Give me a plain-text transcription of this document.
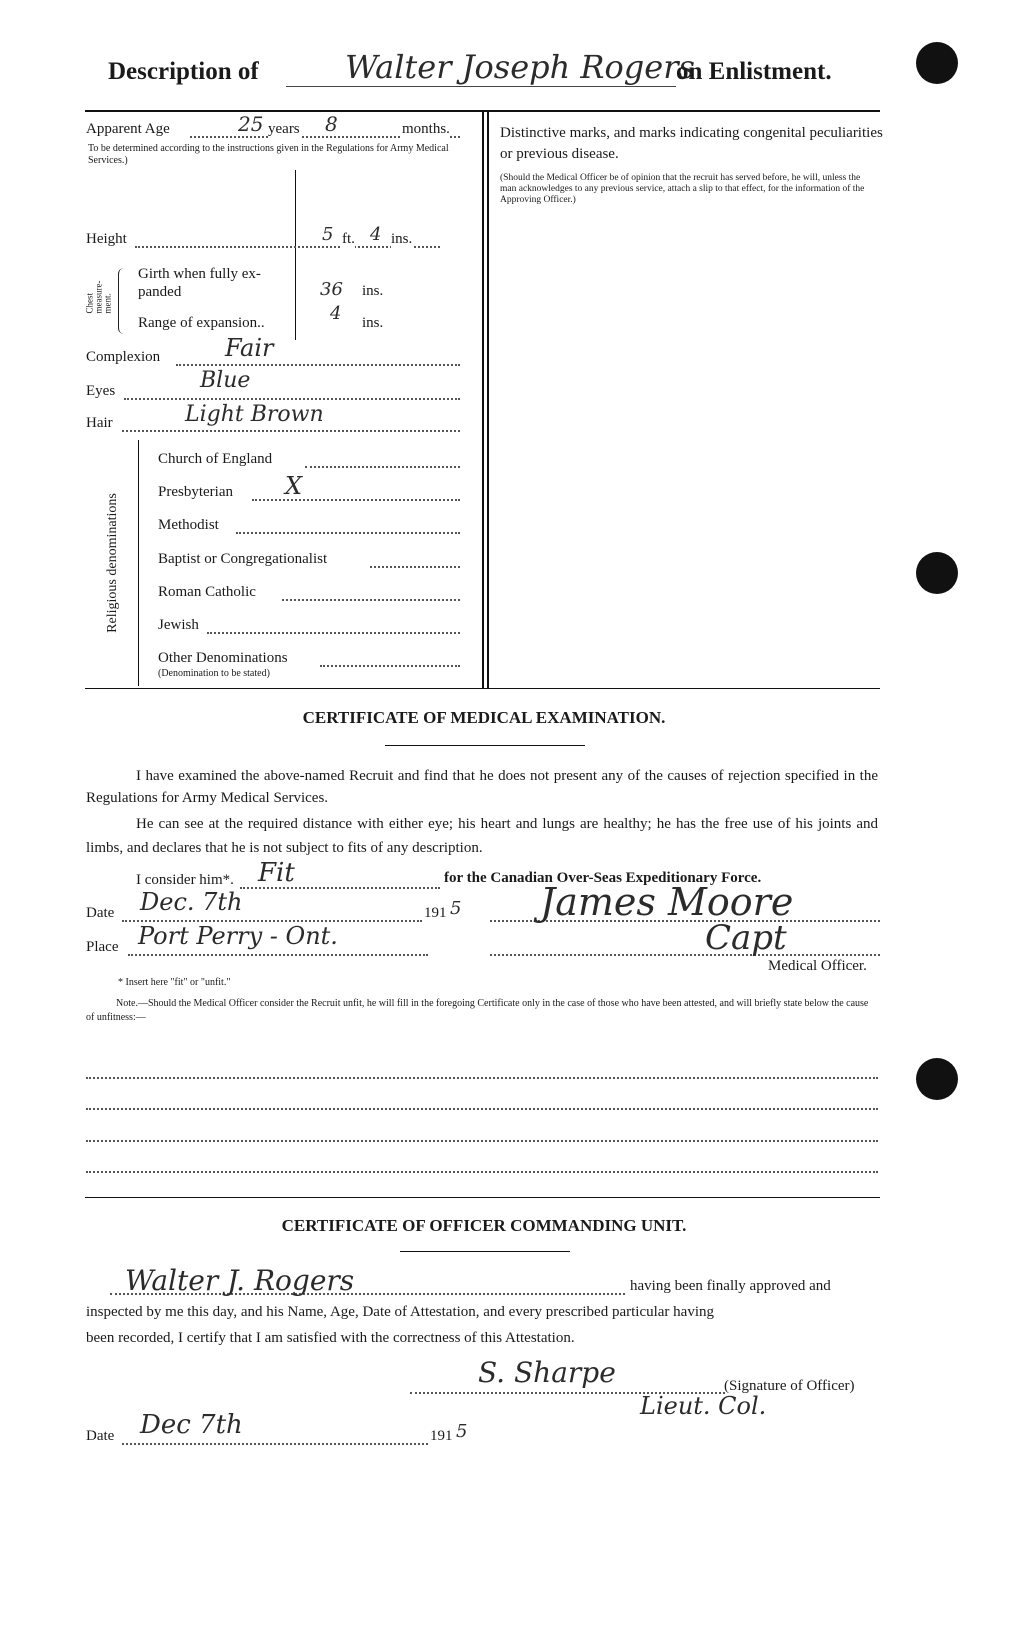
Description of	Walter Joseph Rogers
on Enlistment.
Apparent Age	25 years 8	months.
To be determined according to the instructions given in the Regulations for Army Medical Services.)
Height	5 ft. 4 ins.
Chest measure-ment.
Girth when fully ex-panded	36 ins.
Range of expansion..	4 ins.
Complexion	Fair
Eyes	Blue
Hair	Light Brown
Religious denominations
Church of England
Presbyterian X
Methodist
Baptist or Congregationalist
Roman Catholic
Jewish
Other Denominations
(Denomination to be stated)
Distinctive marks, and marks indicating congenital peculiarities or previous disease.
(Should the Medical Officer be of opinion that the recruit has served before, he will, unless the man acknowledges to any previous service, attach a slip to that effect, for the information of the Approving Officer.)
CERTIFICATE OF MEDICAL EXAMINATION.
I have examined the above-named Recruit and find that he does not present any of the causes of rejection specified in the Regulations for Army Medical Services.
He can see at the required distance with either eye; his heart and lungs are healthy; he has the free use of his joints and limbs, and declares that he is not subject to fits of any description.
I consider him*. Fit	for the Canadian Over-Seas Expeditionary Force.
Date Dec. 7th	191 5
Place Port Perry - Ont.
James Moore
Capt
Medical Officer.
* Insert here "fit" or "unfit."
Note.—Should the Medical Officer consider the Recruit unfit, he will fill in the foregoing Certificate only in the case of those who have been attested, and will briefly state below the cause of unfitness:—
CERTIFICATE OF OFFICER COMMANDING UNIT.
Walter J. Rogers	having been finally approved and
inspected by me this day, and his Name, Age, Date of Attestation, and every prescribed particular having
been recorded, I certify that I am satisfied with the correctness of this Attestation.
S. Sharpe
Lieut. Col.
(Signature of Officer)
Date Dec 7th	191 5
